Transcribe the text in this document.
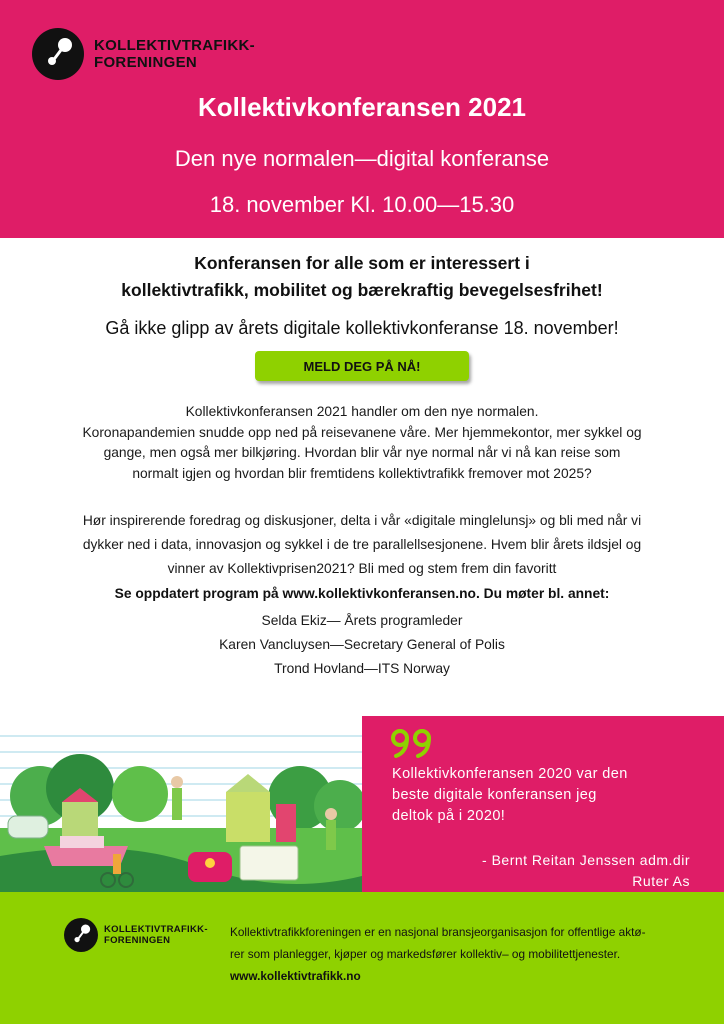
KOLLEKTIVTRAFIKK-
FORENINGEN
Kollektivkonferansen 2021
Den nye normalen—digital konferanse
18. november Kl. 10.00—15.30
Konferansen for alle som er interessert i
kollektivtrafikk, mobilitet og bærekraftig bevegelsesfrihet!
Gå ikke glipp av årets digitale kollektivkonferanse 18. november!
MELD DEG PÅ NÅ!
Kollektivkonferansen 2021 handler om den nye normalen.
Koronapandemien snudde opp ned på reisevanene våre. Mer hjemmekontor, mer sykkel og
gange, men også mer bilkjøring. Hvordan blir vår nye normal når vi nå kan reise som
normalt igjen og hvordan blir fremtidens kollektivtrafikk fremover mot 2025?
Hør inspirerende foredrag og diskusjoner, delta i vår «digitale minglelunsj» og bli med når vi
dykker ned i data, innovasjon og sykkel i de tre parallellsesjonene. Hvem blir årets ildsjel og
vinner av Kollektivprisen2021? Bli med og stem frem din favoritt
Se oppdatert program på www.kollektivkonferansen.no. Du møter bl. annet:
Selda Ekiz— Årets programleder
Karen Vancluysen—Secretary General of Polis
Trond Hovland—ITS Norway
Kollektivkonferansen 2020 var den
beste digitale konferansen jeg
deltok på i 2020!
- Bernt Reitan Jenssen adm.dir
Ruter As
KOLLEKTIVTRAFIKK-
FORENINGEN
Kollektivtrafikkforeningen er en nasjonal bransjeorganisasjon for offentlige aktø-
rer som planlegger, kjøper og markedsfører kollektiv– og mobilitettjenester.
www.kollektivtrafikk.no
